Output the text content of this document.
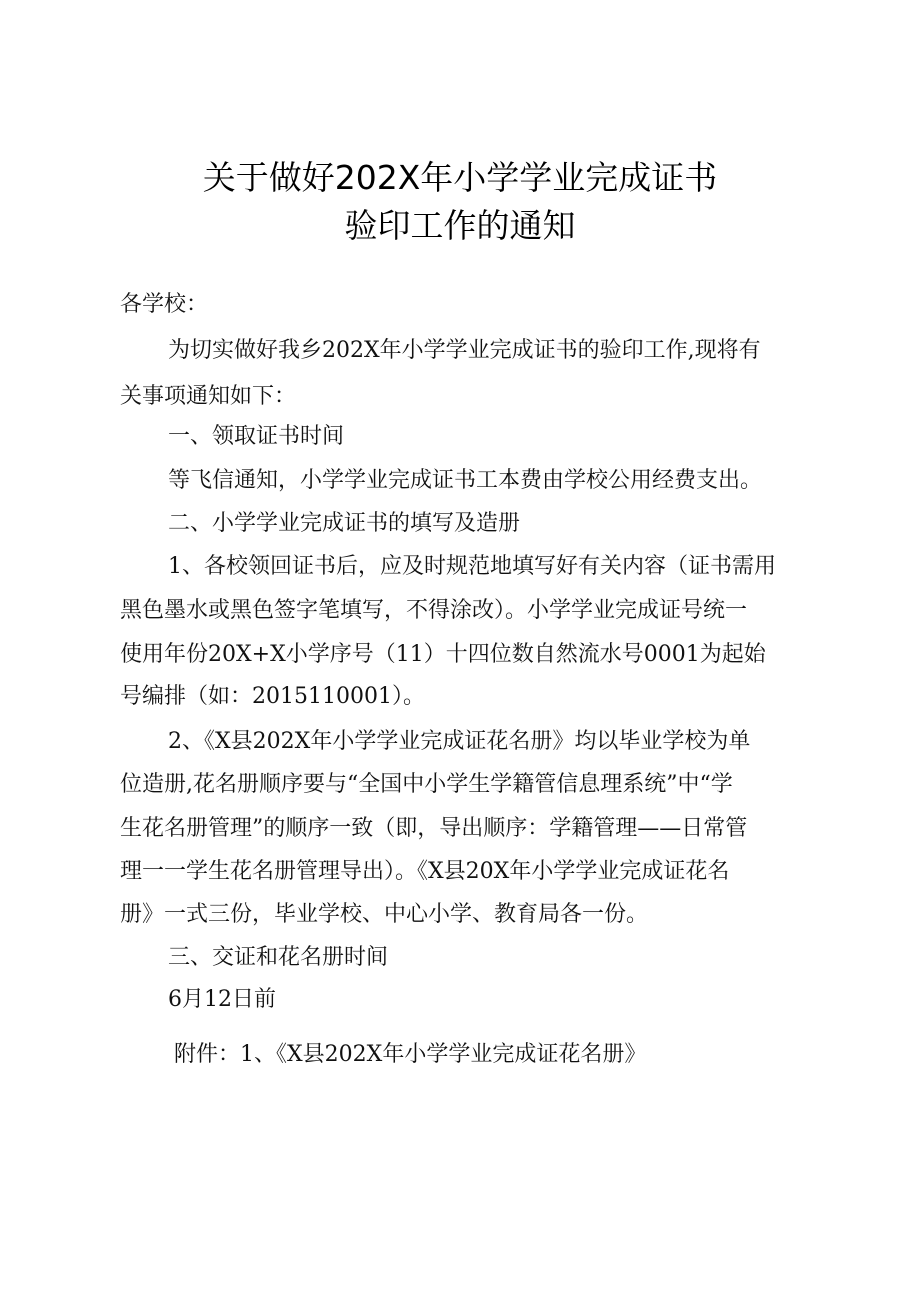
关于做好202X年小学学业完成证书
验印工作的通知
各学校：
为切实做好我乡202X年小学学业完成证书的验印工作,现将有
关事项通知如下：
一、领取证书时间
等飞信通知，小学学业完成证书工本费由学校公用经费支出。
二、小学学业完成证书的填写及造册
1、各校领回证书后，应及时规范地填写好有关内容（证书需用
黑色墨水或黑色签字笔填写，不得涂改）。小学学业完成证号统一
使用年份20X+X小学序号（11）十四位数自然流水号0001为起始
号编排（如：2015110001）。
2、《X县202X年小学学业完成证花名册》均以毕业学校为单
位造册,花名册顺序要与“全国中小学生学籍管信息理系统”中“学
生花名册管理”的顺序一致（即，导出顺序：学籍管理——日常管
理一一学生花名册管理导出）。《X县20X年小学学业完成证花名
册》一式三份，毕业学校、中心小学、教育局各一份。
三、交证和花名册时间
6月12日前
附件：1、《X县202X年小学学业完成证花名册》
